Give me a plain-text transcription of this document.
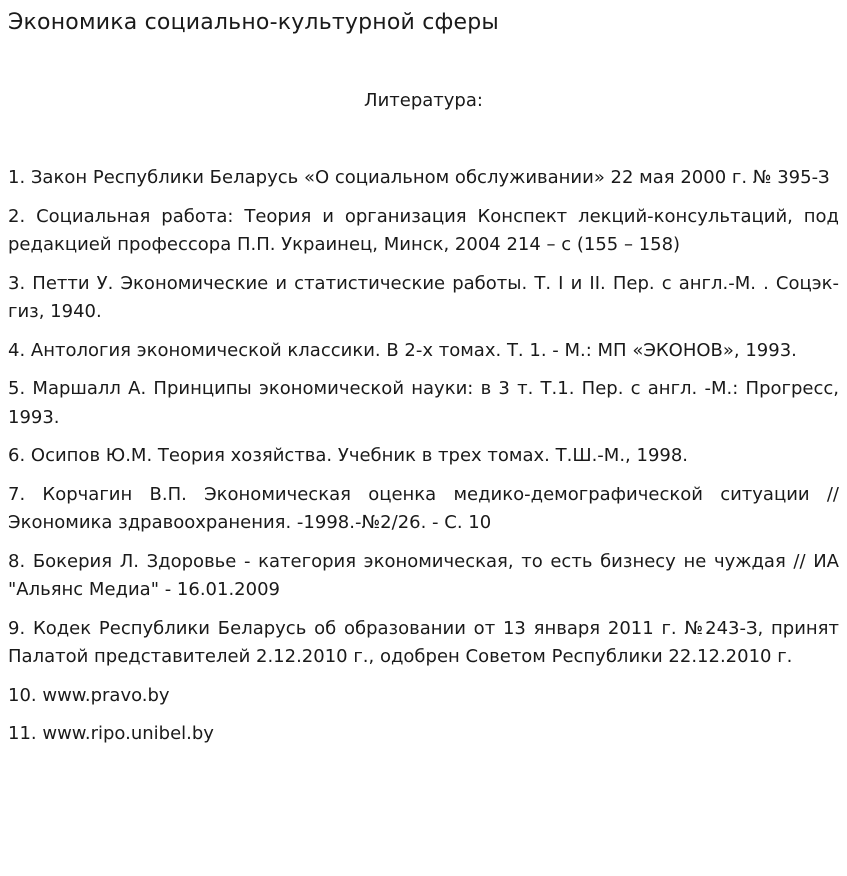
Экономика социально-культурной сферы
Литература:
1. Закон Республики Беларусь «О социальном обслуживании» 22 мая 2000 г. № 395-З
2. Социальная работа: Теория и организация Конспект лекций-консультаций, под редакцией профессора П.П. Украинец, Минск, 2004 214 – с (155 – 158)
3. Петти У. Экономические и статистические работы. Т. I и II. Пер. с англ.-М. . Соцэк- гиз, 1940.
4. Антология экономической классики. В 2-х томах. Т. 1. - М.: МП «ЭКОНОВ», 1993.
5. Маршалл А. Принципы экономической науки: в 3 т. Т.1. Пер. с англ. -М.: Прогресс, 1993.
6. Осипов Ю.М. Теория хозяйства. Учебник в трех томах. Т.Ш.-М., 1998.
7. Корчагин В.П. Экономическая оценка медико-демографической ситуации // Экономика здравоохранения. -1998.-№2/26. - С. 10
8. Бокерия Л. Здоровье - категория экономическая, то есть бизнесу не чуждая // ИА "Альянс Медиа" - 16.01.2009
9. Кодек Республики Беларусь об образовании от 13 января 2011 г. №243-З, принят Палатой представителей 2.12.2010 г., одобрен Советом Республики 22.12.2010 г.
10. www.pravo.by
11. www.ripo.unibel.by
